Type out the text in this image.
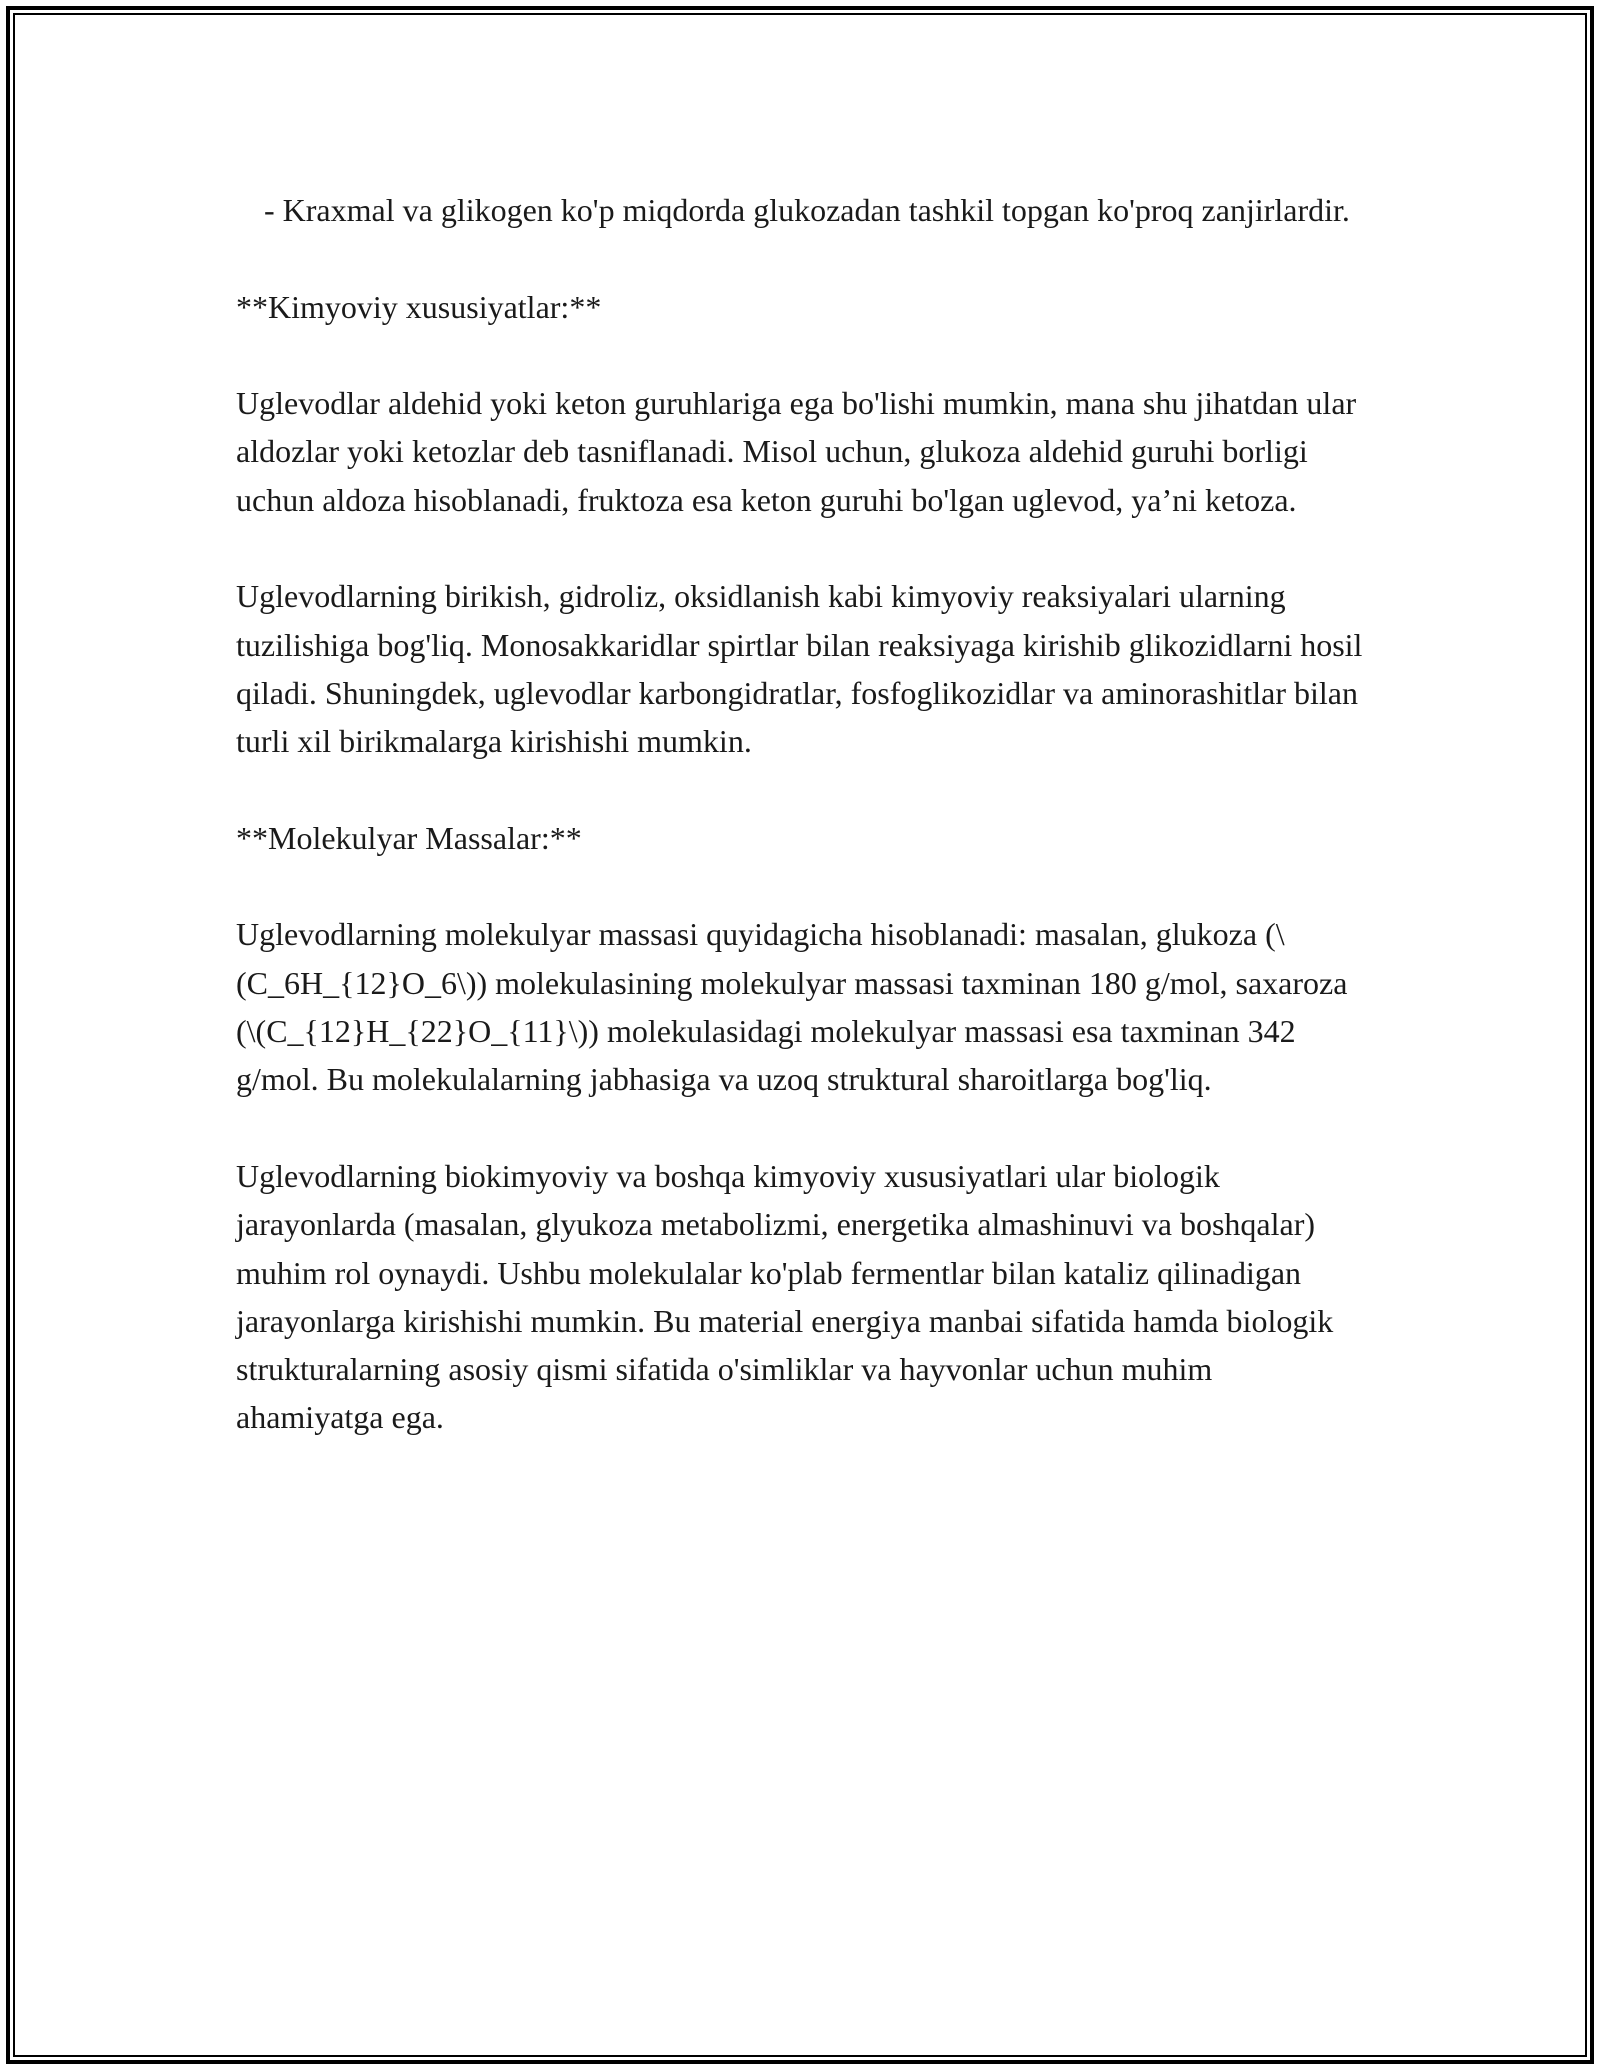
- Kraxmal va glikogen ko'p miqdorda glukozadan tashkil topgan ko'proq zanjirlardir.

**Kimyoviy xususiyatlar:**

Uglevodlar aldehid yoki keton guruhlariga ega bo'lishi mumkin, mana shu jihatdan ular aldozlar yoki ketozlar deb tasniflanadi. Misol uchun, glukoza aldehid guruhi borligi uchun aldoza hisoblanadi, fruktoza esa keton guruhi bo'lgan uglevod, ya’ni ketoza.

Uglevodlarning birikish, gidroliz, oksidlanish kabi kimyoviy reaksiyalari ularning tuzilishiga bog'liq. Monosakkaridlar spirtlar bilan reaksiyaga kirishib glikozidlarni hosil qiladi. Shuningdek, uglevodlar karbongidratlar, fosfoglikozidlar va aminorashitlar bilan turli xil birikmalarga kirishishi mumkin.

**Molekulyar Massalar:**

Uglevodlarning molekulyar massasi quyidagicha hisoblanadi: masalan, glukoza (\(C_6H_{12}O_6\)) molekulasining molekulyar massasi taxminan 180 g/mol, saxaroza (\(C_{12}H_{22}O_{11}\)) molekulasidagi molekulyar massasi esa taxminan 342 g/mol. Bu molekulalarning jabhasiga va uzoq struktural sharoitlarga bog'liq.

Uglevodlarning biokimyoviy va boshqa kimyoviy xususiyatlari ular biologik jarayonlarda (masalan, glyukoza metabolizmi, energetika almashinuvi va boshqalar) muhim rol oynaydi. Ushbu molekulalar ko'plab fermentlar bilan kataliz qilinadigan jarayonlarga kirishishi mumkin. Bu material energiya manbai sifatida hamda biologik strukturalarning asosiy qismi sifatida o'simliklar va hayvonlar uchun muhim ahamiyatga ega.
